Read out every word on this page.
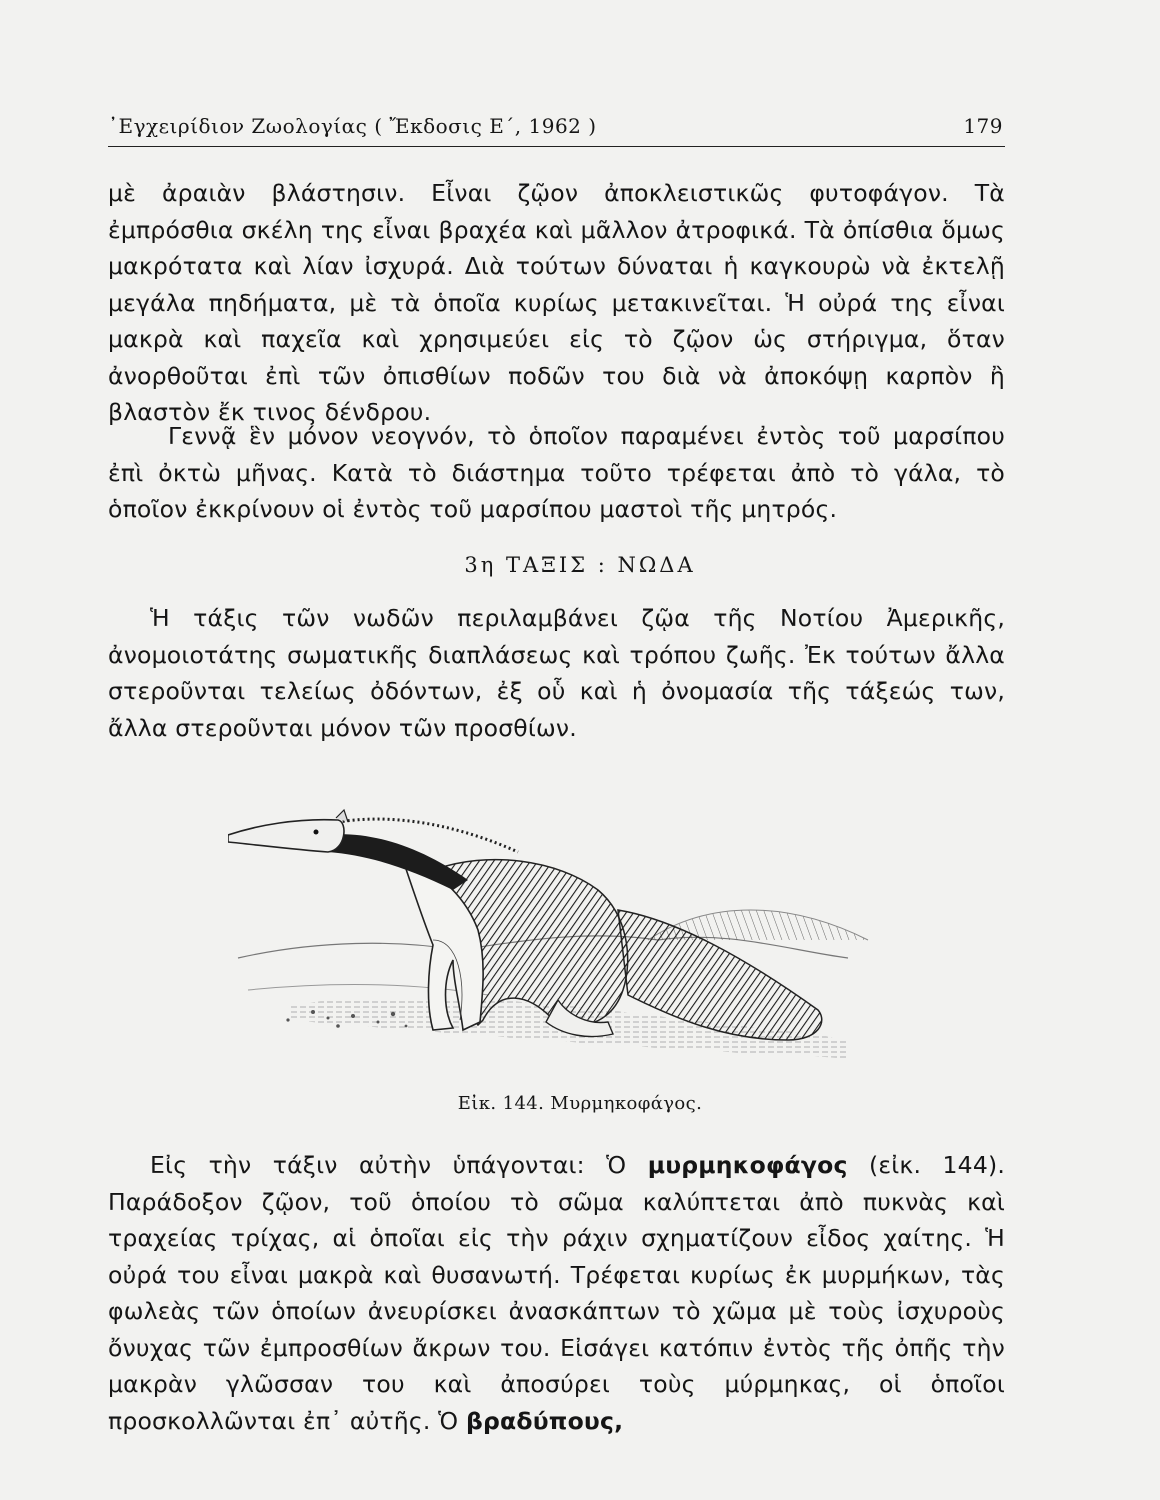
᾿Εγχειρίδιον Ζωολογίας ( Ἔκδοσις Ε΄, 1962 )	179

μὲ ἀραιὰν βλάστησιν. Εἶναι ζῷον ἀποκλειστικῶς φυτοφάγον. Τὰ ἐμπρόσθια σκέλη της εἶναι βραχέα καὶ μᾶλλον ἀτροφικά. Τὰ ὀπίσθια ὅμως μακρότατα καὶ λίαν ἰσχυρά. Διὰ τούτων δύναται ἡ καγκουρὼ νὰ ἐκτελῇ μεγάλα πηδήματα, μὲ τὰ ὁποῖα κυρίως μετακινεῖται. Ἡ οὐρά της εἶναι μακρὰ καὶ παχεῖα καὶ χρησιμεύει εἰς τὸ ζῷον ὡς στήριγμα, ὅταν ἀνορθοῦται ἐπὶ τῶν ὀπισθίων ποδῶν του διὰ νὰ ἀποκόψῃ καρπὸν ἢ βλαστὸν ἔκ τινος δένδρου.

Γεννᾷ ἓν μόνον νεογνόν, τὸ ὁποῖον παραμένει ἐντὸς τοῦ μαρσίπου ἐπὶ ὀκτὼ μῆνας. Κατὰ τὸ διάστημα τοῦτο τρέφεται ἀπὸ τὸ γάλα, τὸ ὁποῖον ἐκκρίνουν οἱ ἐντὸς τοῦ μαρσίπου μαστοὶ τῆς μητρός.

3η ΤΑΞΙΣ : ΝΩΔΑ

Ἡ τάξις τῶν νωδῶν περιλαμβάνει ζῷα τῆς Νοτίου Ἀμερικῆς, ἀνομοιοτάτης σωματικῆς διαπλάσεως καὶ τρόπου ζωῆς. Ἐκ τούτων ἄλλα στεροῦνται τελείως ὀδόντων, ἐξ οὗ καὶ ἡ ὀνομασία τῆς τάξεώς των, ἄλλα στεροῦνται μόνον τῶν προσθίων.

Εἰκ. 144. Μυρμηκοφάγος.

Εἰς τὴν τάξιν αὐτὴν ὑπάγονται: Ὁ μυρμηκοφάγος (εἰκ. 144). Παράδοξον ζῷον, τοῦ ὁποίου τὸ σῶμα καλύπτεται ἀπὸ πυκνὰς καὶ τραχείας τρίχας, αἱ ὁποῖαι εἰς τὴν ράχιν σχηματίζουν εἶδος χαίτης. Ἡ οὐρά του εἶναι μακρὰ καὶ θυσανωτή. Τρέφεται κυρίως ἐκ μυρμήκων, τὰς φωλεὰς τῶν ὁποίων ἀνευρίσκει ἀνασκάπτων τὸ χῶμα μὲ τοὺς ἰσχυροὺς ὄνυχας τῶν ἐμπροσθίων ἄκρων του. Εἰσάγει κατόπιν ἐντὸς τῆς ὀπῆς τὴν μακρὰν γλῶσσαν του καὶ ἀποσύρει τοὺς μύρμηκας, οἱ ὁποῖοι προσκολλῶνται ἐπ᾿ αὐτῆς. Ὁ βραδύπους,
